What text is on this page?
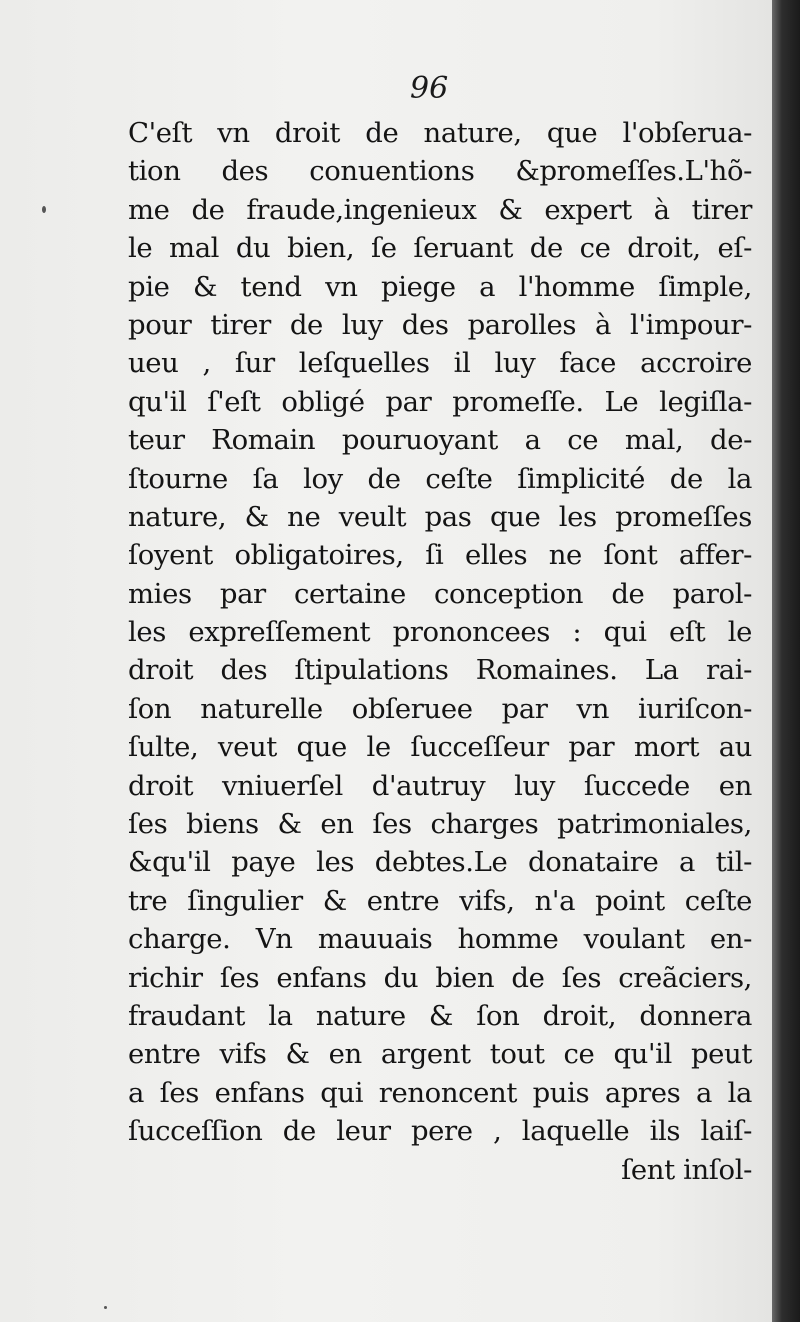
96
C'eſt vn droit de nature, que l'obſerua-
tion des conuentions &promeſſes.L'hõ-
me de fraude,ingenieux & expert à tirer
le mal du bien, ſe ſeruant de ce droit, eſ-
pie & tend vn piege a l'homme ſimple,
pour tirer de luy des parolles à l'impour-
ueu , ſur leſquelles il luy face accroire
qu'il ſ'eſt obligé par promeſſe. Le legiſla-
teur Romain pouruoyant a ce mal, de-
ſtourne ſa loy de ceſte ſimplicité de la
nature, & ne veult pas que les promeſſes
ſoyent obligatoires, ſi elles ne ſont affer-
mies par certaine conception de parol-
les expreſſement prononcees : qui eſt le
droit des ſtipulations Romaines. La rai-
ſon naturelle obſeruee par vn iuriſcon-
ſulte, veut que le ſucceſſeur par mort au
droit vniuerſel d'autruy luy ſuccede en
ſes biens & en ſes charges patrimoniales,
&qu'il paye les debtes.Le donataire a til-
tre ſingulier & entre vifs, n'a point ceſte
charge. Vn mauuais homme voulant en-
richir ſes enfans du bien de ſes creãciers,
fraudant la nature & ſon droit, donnera
entre vifs & en argent tout ce qu'il peut
a ſes enfans qui renoncent puis apres a la
ſucceſſion de leur pere , laquelle ils laiſ-
ſent inſol-
